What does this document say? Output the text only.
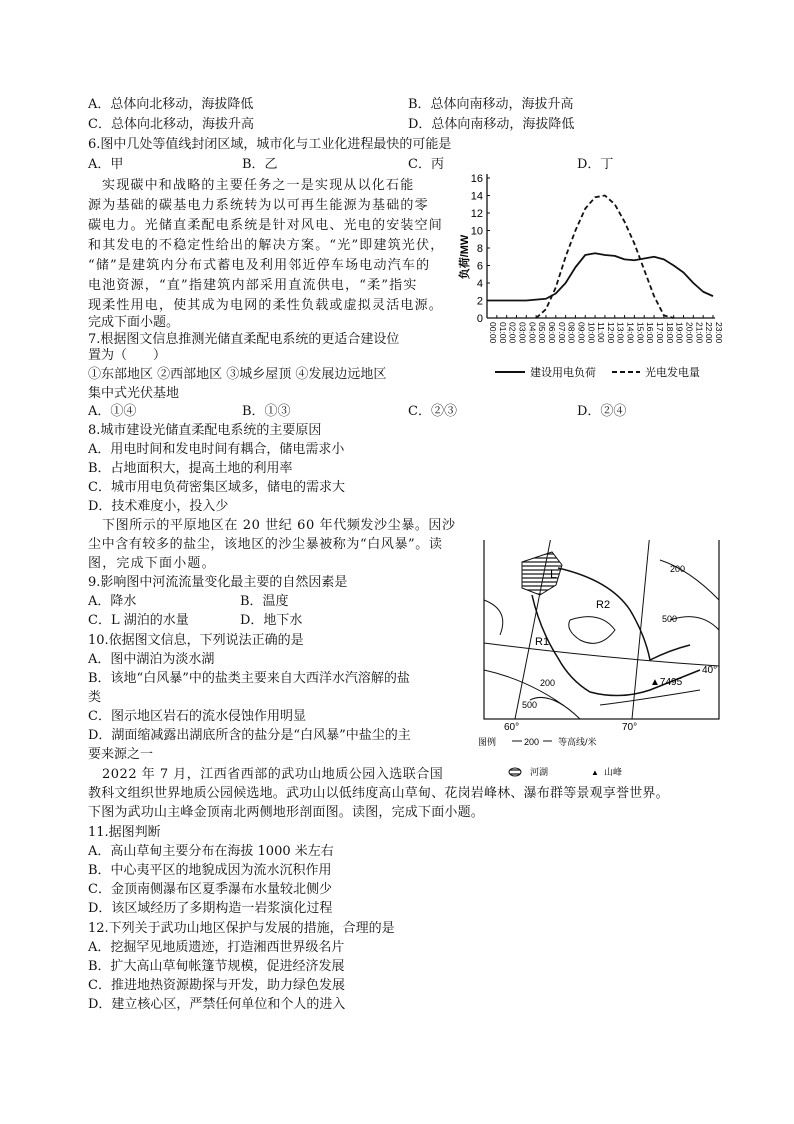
A．总体向北移动，海拔降低	B．总体向南移动，海拔升高
C．总体向北移动，海拔升高	D．总体向南移动，海拔降低
6.图中几处等值线封闭区域，城市化与工业化进程最快的可能是
A．甲	B．乙	C．丙	D．丁
实现碳中和战略的主要任务之一是实现从以化石能
源为基础的碳基电力系统转为以可再生能源为基础的零
碳电力。光储直柔配电系统是针对风电、光电的安装空间
和其发电的不稳定性给出的解决方案。“光”即建筑光伏，
“储”是建筑内分布式蓄电及利用邻近停车场电动汽车的
电池资源，“直”指建筑内部采用直流供电，“柔”指实
现柔性用电，使其成为电网的柔性负载或虚拟灵活电源。
完成下面小题。
7.根据图文信息推测光储直柔配电系统的更适合建设位
置为（　　）
①东部地区 ②西部地区 ③城乡屋顶 ④发展边远地区
集中式光伏基地
A．①④	B．①③	C．②③	D．②④
8.城市建设光储直柔配电系统的主要原因
A．用电时间和发电时间有耦合，储电需求小
B．占地面积大，提高土地的利用率
C．城市用电负荷密集区域多，储电的需求大
D．技术难度小，投入少
下图所示的平原地区在 20 世纪 60 年代频发沙尘暴。因沙
尘中含有较多的盐尘，该地区的沙尘暴被称为“白风暴”。读
图，完成下面小题。
9.影响图中河流流量变化最主要的自然因素是
A．降水	B．温度
C．L 湖泊的水量	D．地下水
10.依据图文信息，下列说法正确的是
A．图中湖泊为淡水湖
B．该地“白风暴”中的盐类主要来自大西洋水汽溶解的盐
类
C．图示地区岩石的流水侵蚀作用明显
D．湖面缩减露出湖底所含的盐分是“白风暴”中盐尘的主
要来源之一
2022 年 7 月，江西省西部的武功山地质公园入选联合国
教科文组织世界地质公园候选地。武功山以低纬度高山草甸、花岗岩峰林、瀑布群等景观享誉世界。
下图为武功山主峰金顶南北两侧地形剖面图。读图，完成下面小题。
11.据图判断
A．高山草甸主要分布在海拔 1000 米左右
B．中心夷平区的地貌成因为流水沉积作用
C．金顶南侧瀑布区夏季瀑布水量较北侧少
D．该区域经历了多期构造一岩浆演化过程
12.下列关于武功山地区保护与发展的措施，合理的是
A．挖掘罕见地质遗迹，打造湘西世界级名片
B．扩大高山草甸帐篷节规模，促进经济发展
C．推进地热资源勘探与开发，助力绿色发展
D．建立核心区，严禁任何单位和个人的进入
0
2
4
6
8
10
12
14
16
00:00 01:00 02:00 03:00 04:00 05:00 06:00 07:00 08:00 09:00 10:00 11:00 12:00 13:00 14:00 15:00 16:00 17:00 18:00 19:00 20:00 21:00 22:00 23:00
负荷/MW
建设用电负荷	光电发电量
L
R1
R2
200
200
500
500
▲7495
60°	70°
40°
图例	200 等高线/米
河湖	▲ 山峰
